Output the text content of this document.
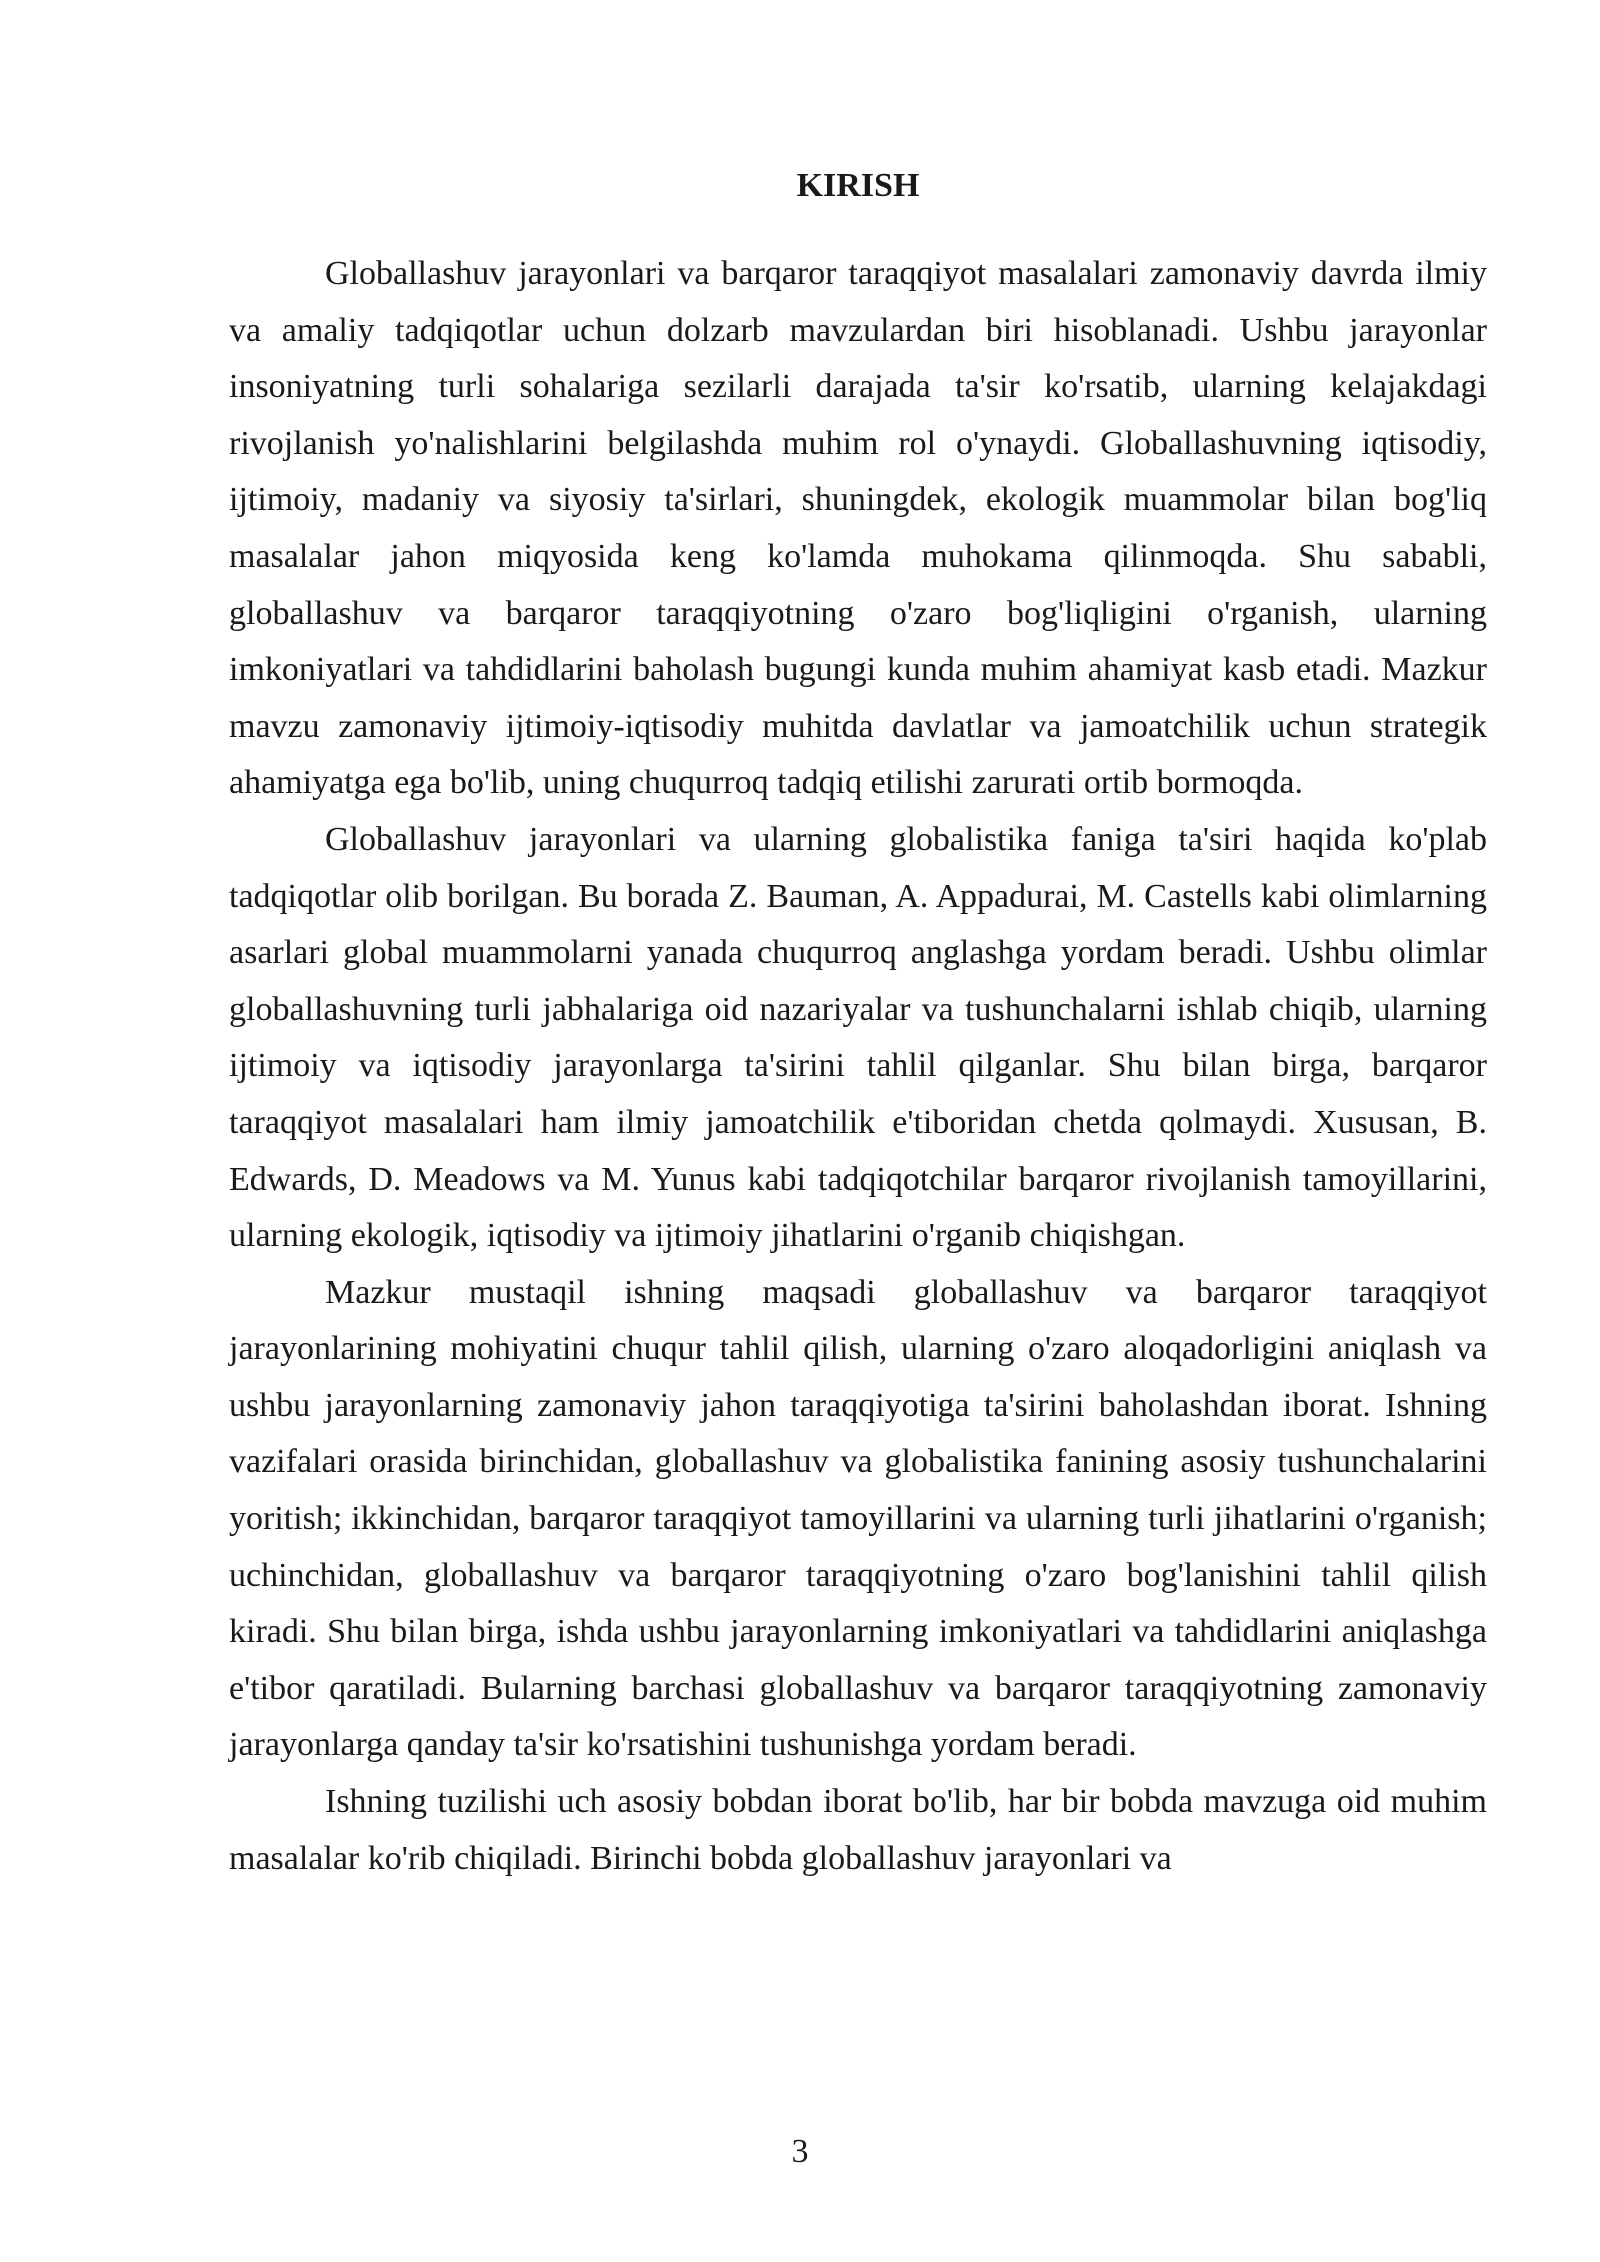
KIRISH

Globallashuv jarayonlari va barqaror taraqqiyot masalalari zamonaviy davrda ilmiy va amaliy tadqiqotlar uchun dolzarb mavzulardan biri hisoblanadi. Ushbu jarayonlar insoniyatning turli sohalariga sezilarli darajada ta'sir ko'rsatib, ularning kelajakdagi rivojlanish yo'nalishlarini belgilashda muhim rol o'ynaydi. Globallashuvning iqtisodiy, ijtimoiy, madaniy va siyosiy ta'sirlari, shuningdek, ekologik muammolar bilan bog'liq masalalar jahon miqyosida keng ko'lamda muhokama qilinmoqda. Shu sababli, globallashuv va barqaror taraqqiyotning o'zaro bog'liqligini o'rganish, ularning imkoniyatlari va tahdidlarini baholash bugungi kunda muhim ahamiyat kasb etadi. Mazkur mavzu zamonaviy ijtimoiy-iqtisodiy muhitda davlatlar va jamoatchilik uchun strategik ahamiyatga ega bo'lib, uning chuqurroq tadqiq etilishi zarurati ortib bormoqda.

Globallashuv jarayonlari va ularning globalistika faniga ta'siri haqida ko'plab tadqiqotlar olib borilgan. Bu borada Z. Bauman, A. Appadurai, M. Castells kabi olimlarning asarlari global muammolarni yanada chuqurroq anglashga yordam beradi. Ushbu olimlar globallashuvning turli jabhalariga oid nazariyalar va tushunchalarni ishlab chiqib, ularning ijtimoiy va iqtisodiy jarayonlarga ta'sirini tahlil qilganlar. Shu bilan birga, barqaror taraqqiyot masalalari ham ilmiy jamoatchilik e'tiboridan chetda qolmaydi. Xususan, B. Edwards, D. Meadows va M. Yunus kabi tadqiqotchilar barqaror rivojlanish tamoyillarini, ularning ekologik, iqtisodiy va ijtimoiy jihatlarini o'rganib chiqishgan.

Mazkur mustaqil ishning maqsadi globallashuv va barqaror taraqqiyot jarayonlarining mohiyatini chuqur tahlil qilish, ularning o'zaro aloqadorligini aniqlash va ushbu jarayonlarning zamonaviy jahon taraqqiyotiga ta'sirini baholashdan iborat. Ishning vazifalari orasida birinchidan, globallashuv va globalistika fanining asosiy tushunchalarini yoritish; ikkinchidan, barqaror taraqqiyot tamoyillarini va ularning turli jihatlarini o'rganish; uchinchidan, globallashuv va barqaror taraqqiyotning o'zaro bog'lanishini tahlil qilish kiradi. Shu bilan birga, ishda ushbu jarayonlarning imkoniyatlari va tahdidlarini aniqlashga e'tibor qaratiladi. Bularning barchasi globallashuv va barqaror taraqqiyotning zamonaviy jarayonlarga qanday ta'sir ko'rsatishini tushunishga yordam beradi.

Ishning tuzilishi uch asosiy bobdan iborat bo'lib, har bir bobda mavzuga oid muhim masalalar ko'rib chiqiladi. Birinchi bobda globallashuv jarayonlari va

3
